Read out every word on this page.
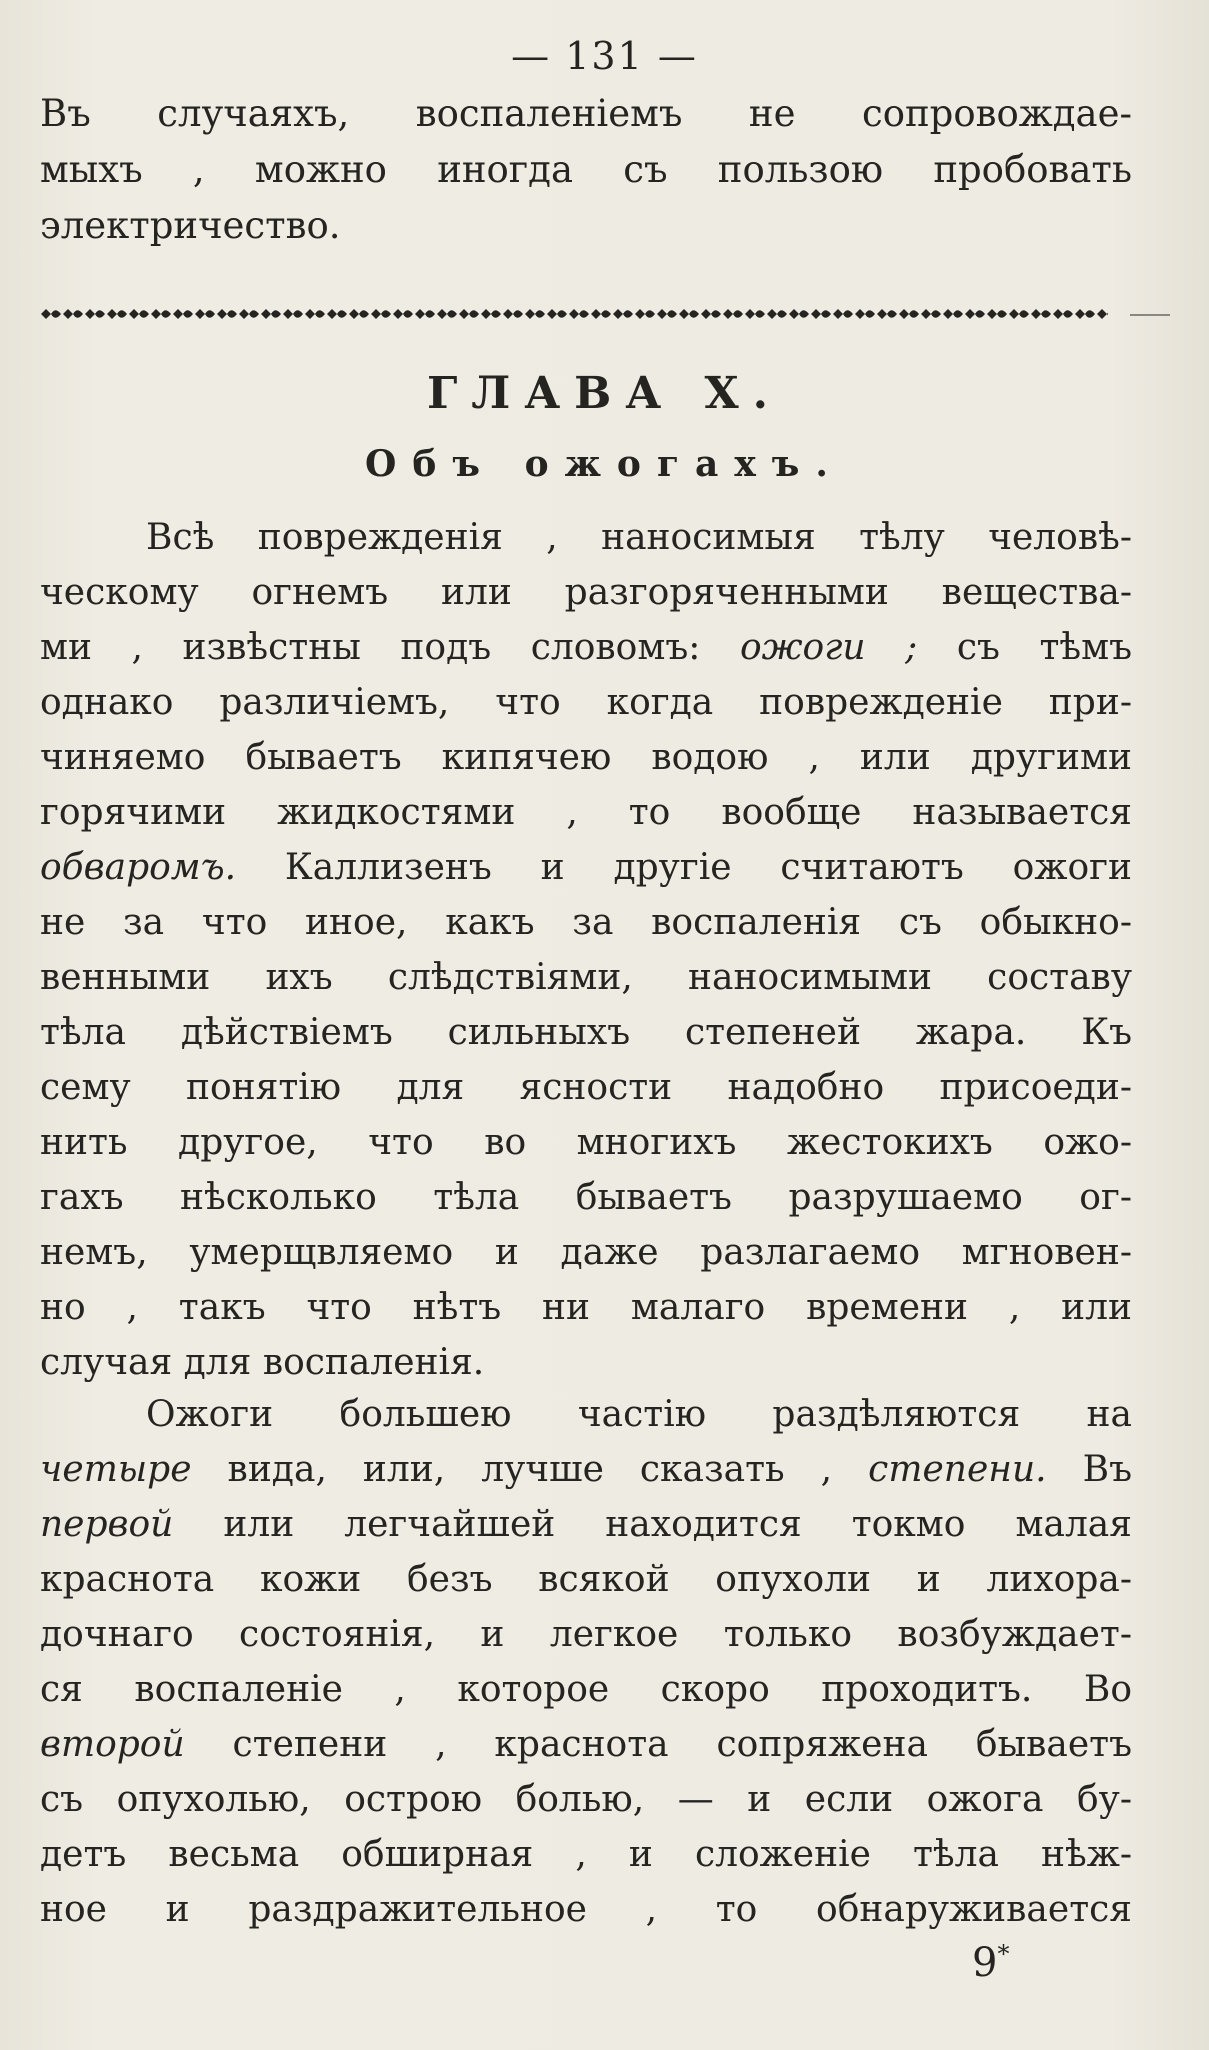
— 131 —
Въ случаяхъ, воспаленіемъ не сопровождае-
мыхъ , можно иногда съ пользою пробовать
электричество.
ГЛАВА X.
Объ ожогахъ.
Всѣ поврежденія , наносимыя тѣлу человѣ-
ческому огнемъ или разгоряченными веществa-
ми , извѣстны подъ словомъ: ожоги ; съ тѣмъ
однако различіемъ, что когда поврежденіе при-
чиняемо бываетъ кипячею водою , или другими
горячими жидкостями , то вообще называется
обваромъ. Каллизенъ и другіе считаютъ ожоги
не за что иное, какъ за воспаленія съ обыкно-
венными ихъ слѣдствіями, наносимыми составу
тѣла дѣйствіемъ сильныхъ степеней жара. Къ
сему понятію для ясности надобно присоеди-
нить другое, что во многихъ жестокихъ ожо-
гахъ нѣсколько тѣла бываетъ разрушаемо ог-
немъ, умерщвляемо и даже разлагаемо мгновен-
но , такъ что нѣтъ ни малаго времени , или
случая для воспаленія.
Ожоги большею частію раздѣляются на
четыре вида, или, лучше сказать , степени. Въ
первой или легчайшей находится токмо малая
краснота кожи безъ всякой опухоли и лихора-
дочнаго состоянія, и легкое только возбуждает-
ся воспаленіе , которое скоро проходитъ. Во
второй степени , краснота сопряжена бываетъ
съ опухолью, острою болью, — и если ожога бу-
детъ весьма обширная , и сложеніе тѣла нѣж-
ное и раздражительное , то обнаруживается
9*
